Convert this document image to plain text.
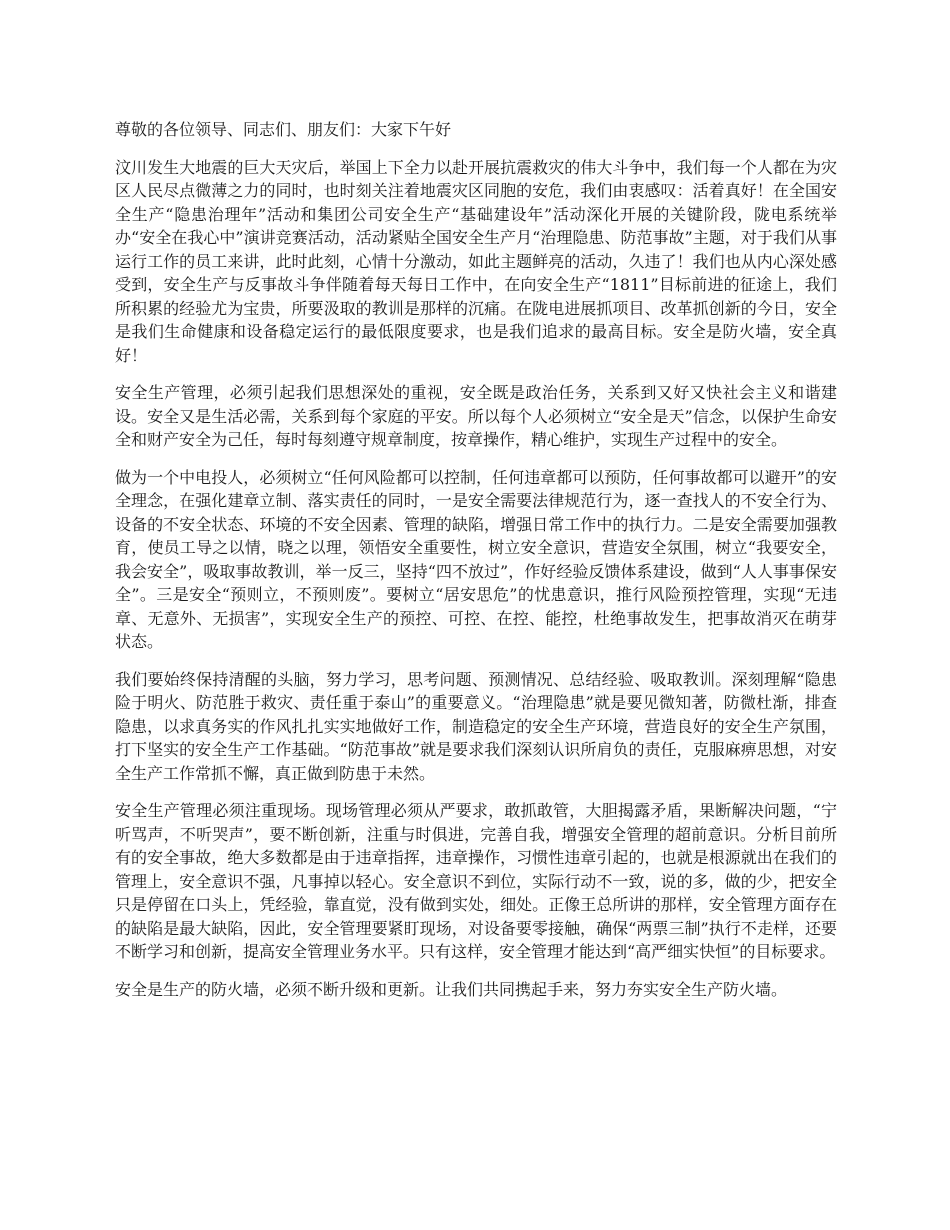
尊敬的各位领导、同志们、朋友们：大家下午好

汶川发生大地震的巨大天灾后，举国上下全力以赴开展抗震救灾的伟大斗争中，我们每一个人都在为灾区人民尽点微薄之力的同时，也时刻关注着地震灾区同胞的安危，我们由衷感叹：活着真好！在全国安全生产“隐患治理年”活动和集团公司安全生产“基础建设年”活动深化开展的关键阶段，陇电系统举办“安全在我心中”演讲竞赛活动，活动紧贴全国安全生产月“治理隐患、防范事故”主题，对于我们从事运行工作的员工来讲，此时此刻，心情十分激动，如此主题鲜亮的活动，久违了！我们也从内心深处感受到，安全生产与反事故斗争伴随着每天每日工作中，在向安全生产“1811”目标前进的征途上，我们所积累的经验尤为宝贵，所要汲取的教训是那样的沉痛。在陇电进展抓项目、改革抓创新的今日，安全是我们生命健康和设备稳定运行的最低限度要求，也是我们追求的最高目标。安全是防火墙，安全真好！

安全生产管理，必须引起我们思想深处的重视，安全既是政治任务，关系到又好又快社会主义和谐建设。安全又是生活必需，关系到每个家庭的平安。所以每个人必须树立“安全是天”信念，以保护生命安全和财产安全为己任，每时每刻遵守规章制度，按章操作，精心维护，实现生产过程中的安全。

做为一个中电投人，必须树立“任何风险都可以控制，任何违章都可以预防，任何事故都可以避开”的安全理念，在强化建章立制、落实责任的同时，一是安全需要法律规范行为，逐一查找人的不安全行为、设备的不安全状态、环境的不安全因素、管理的缺陷，增强日常工作中的执行力。二是安全需要加强教育，使员工导之以情，晓之以理，领悟安全重要性，树立安全意识，营造安全氛围，树立“我要安全，我会安全”，吸取事故教训，举一反三，坚持“四不放过”，作好经验反馈体系建设，做到“人人事事保安全”。三是安全“预则立，不预则废”。要树立“居安思危”的忧患意识，推行风险预控管理，实现“无违章、无意外、无损害”，实现安全生产的预控、可控、在控、能控，杜绝事故发生，把事故消灭在萌芽状态。

我们要始终保持清醒的头脑，努力学习，思考问题、预测情况、总结经验、吸取教训。深刻理解“隐患险于明火、防范胜于救灾、责任重于泰山”的重要意义。“治理隐患”就是要见微知著，防微杜渐，排查隐患，以求真务实的作风扎扎实实地做好工作，制造稳定的安全生产环境，营造良好的安全生产氛围，打下坚实的安全生产工作基础。“防范事故”就是要求我们深刻认识所肩负的责任，克服麻痹思想，对安全生产工作常抓不懈，真正做到防患于未然。

安全生产管理必须注重现场。现场管理必须从严要求，敢抓敢管，大胆揭露矛盾，果断解决问题，“宁听骂声，不听哭声”，要不断创新，注重与时俱进，完善自我，增强安全管理的超前意识。分析目前所有的安全事故，绝大多数都是由于违章指挥，违章操作，习惯性违章引起的，也就是根源就出在我们的管理上，安全意识不强，凡事掉以轻心。安全意识不到位，实际行动不一致，说的多，做的少，把安全只是停留在口头上，凭经验，靠直觉，没有做到实处，细处。正像王总所讲的那样，安全管理方面存在的缺陷是最大缺陷，因此，安全管理要紧盯现场，对设备要零接触，确保“两票三制”执行不走样，还要不断学习和创新，提高安全管理业务水平。只有这样，安全管理才能达到“高严细实快恒”的目标要求。

安全是生产的防火墙，必须不断升级和更新。让我们共同携起手来，努力夯实安全生产防火墙。
